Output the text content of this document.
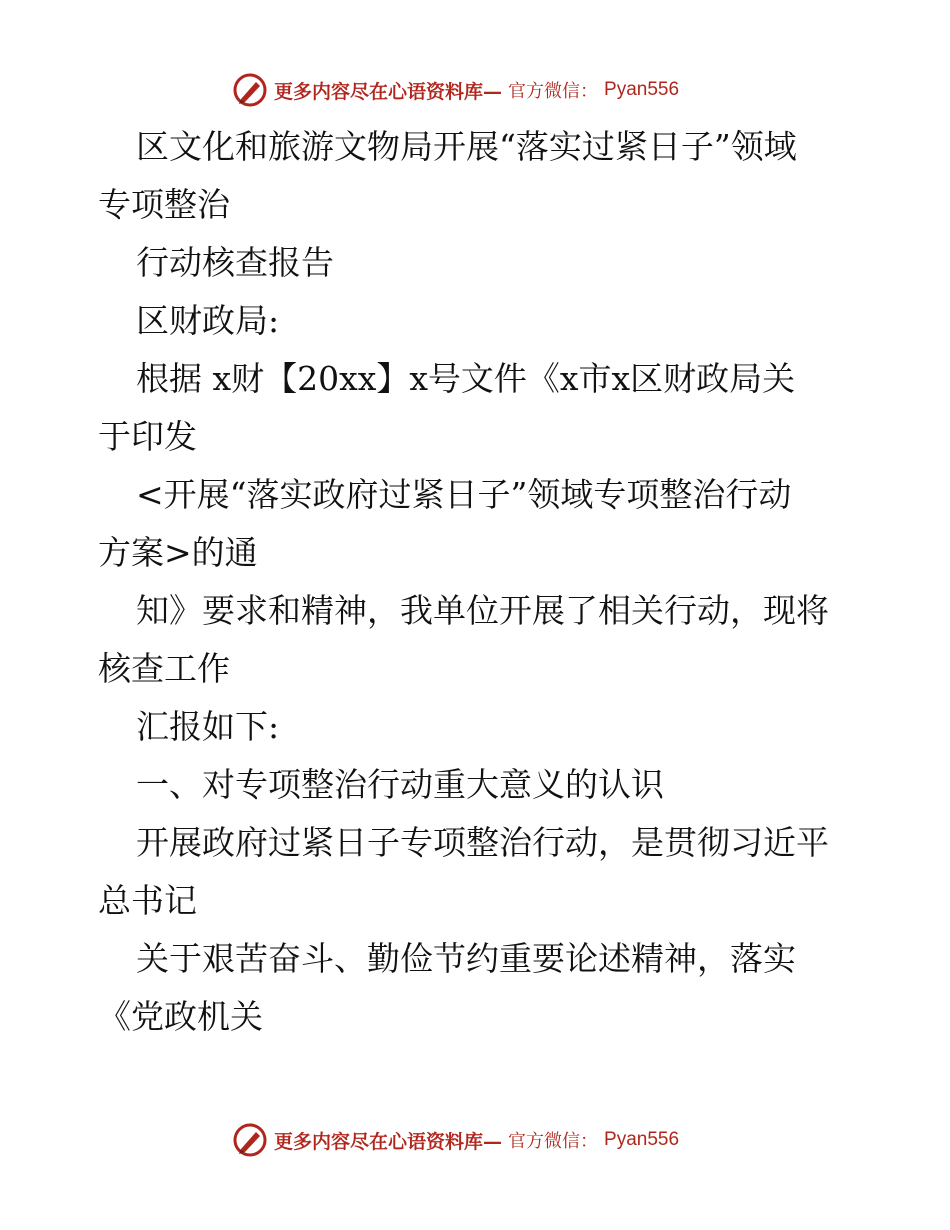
更多内容尽在心语资料库— 官方微信： Pyan556

区文化和旅游文物局开展“落实过紧日子”领域

专项整治

行动核查报告

区财政局:

根据 x财【20xx】x号文件《x市x区财政局关

于印发

<开展“落实政府过紧日子”领域专项整治行动

方案>的通

知》要求和精神，我单位开展了相关行动，现将

核查工作

汇报如下:

一、对专项整治行动重大意义的认识

开展政府过紧日子专项整治行动，是贯彻习近平

总书记

关于艰苦奋斗、勤俭节约重要论述精神，落实

《党政机关

更多内容尽在心语资料库— 官方微信： Pyan556
